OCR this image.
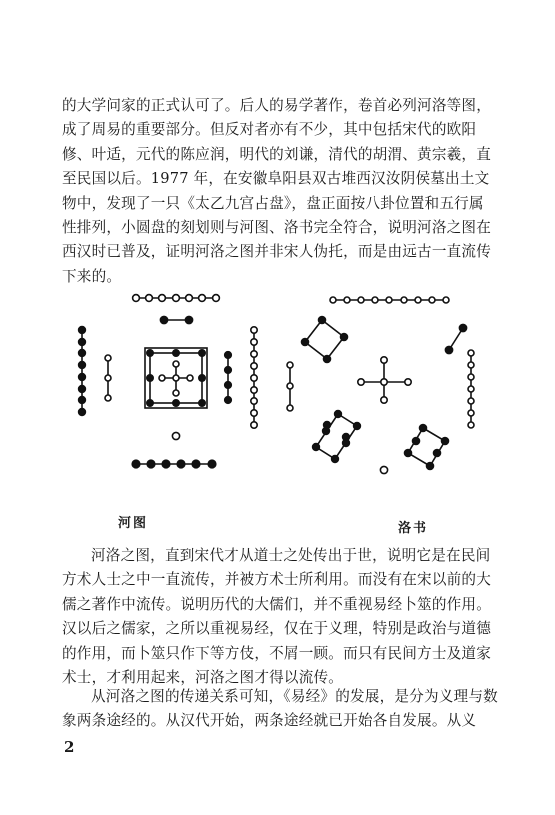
的大学问家的正式认可了。后人的易学著作，卷首必列河洛等图，成了周易的重要部分。但反对者亦有不少，其中包括宋代的欧阳修、叶适，元代的陈应润，明代的刘谦，清代的胡渭、黄宗羲，直至民国以后。1977 年，在安徽阜阳县双古堆西汉汝阴侯墓出土文物中，发现了一只《太乙九宫占盘》，盘正面按八卦位置和五行属性排列，小圆盘的刻划则与河图、洛书完全符合，说明河洛之图在西汉时已普及，证明河洛之图并非宋人伪托，而是由远古一直流传下来的。

河图	洛书

河洛之图，直到宋代才从道士之处传出于世，说明它是在民间方术人士之中一直流传，并被方术士所利用。而没有在宋以前的大儒之著作中流传。说明历代的大儒们，并不重视易经卜筮的作用。汉以后之儒家，之所以重视易经，仅在于义理，特别是政治与道德的作用，而卜筮只作下等方伎，不屑一顾。而只有民间方士及道家术士，才利用起来，河洛之图才得以流传。

从河洛之图的传递关系可知，《易经》的发展，是分为义理与数象两条途经的。从汉代开始，两条途经就已开始各自发展。从义

2
